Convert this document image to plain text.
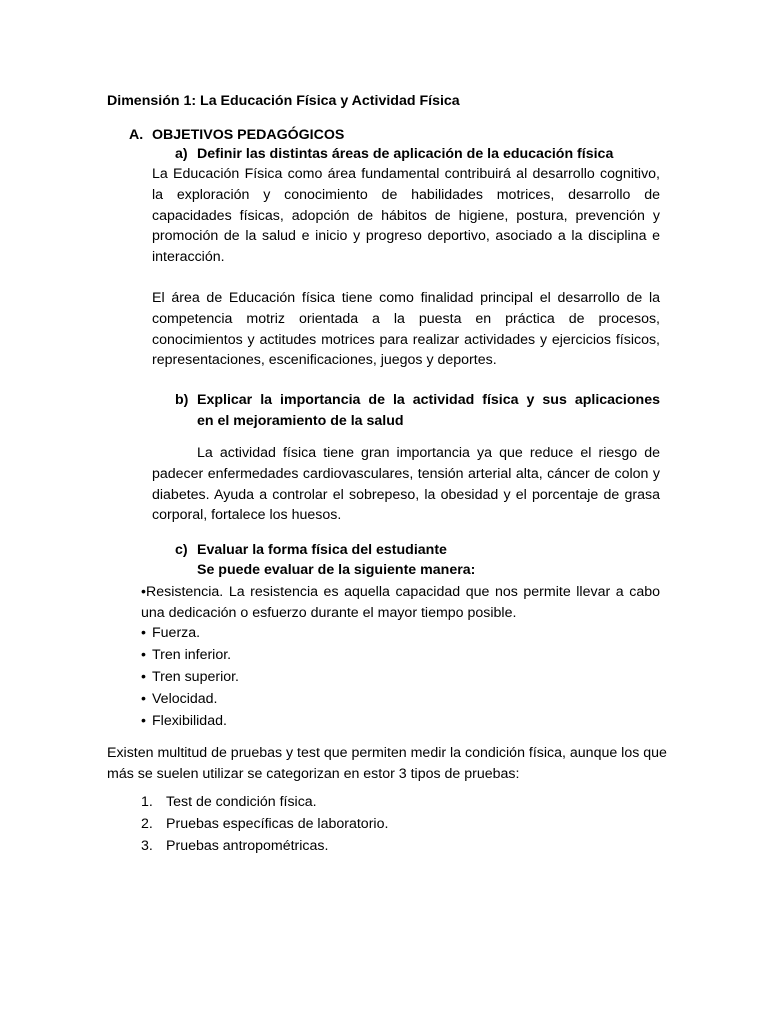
Dimensión 1: La Educación Física y Actividad Física
A. OBJETIVOS PEDAGÓGICOS
a) Definir las distintas áreas de aplicación de la educación física
La Educación Física como área fundamental contribuirá al desarrollo cognitivo, la exploración y conocimiento de habilidades motrices, desarrollo de capacidades físicas, adopción de hábitos de higiene, postura, prevención y promoción de la salud e inicio y progreso deportivo, asociado a la disciplina e interacción.
El área de Educación física tiene como finalidad principal el desarrollo de la competencia motriz orientada a la puesta en práctica de procesos, conocimientos y actitudes motrices para realizar actividades y ejercicios físicos, representaciones, escenificaciones, juegos y deportes.
b) Explicar la importancia de la actividad física y sus aplicaciones
en el mejoramiento de la salud
La actividad física tiene gran importancia ya que reduce el riesgo de padecer enfermedades cardiovasculares, tensión arterial alta, cáncer de colon y diabetes. Ayuda a controlar el sobrepeso, la obesidad y el porcentaje de grasa corporal, fortalece los huesos.
c) Evaluar la forma física del estudiante
Se puede evaluar de la siguiente manera:
•Resistencia. La resistencia es aquella capacidad que nos permite llevar a cabo una dedicación o esfuerzo durante el mayor tiempo posible.
• Fuerza.
• Tren inferior.
• Tren superior.
• Velocidad.
• Flexibilidad.
Existen multitud de pruebas y test que permiten medir la condición física, aunque los que más se suelen utilizar se categorizan en estor 3 tipos de pruebas:
1. Test de condición física.
2. Pruebas específicas de laboratorio.
3. Pruebas antropométricas.
